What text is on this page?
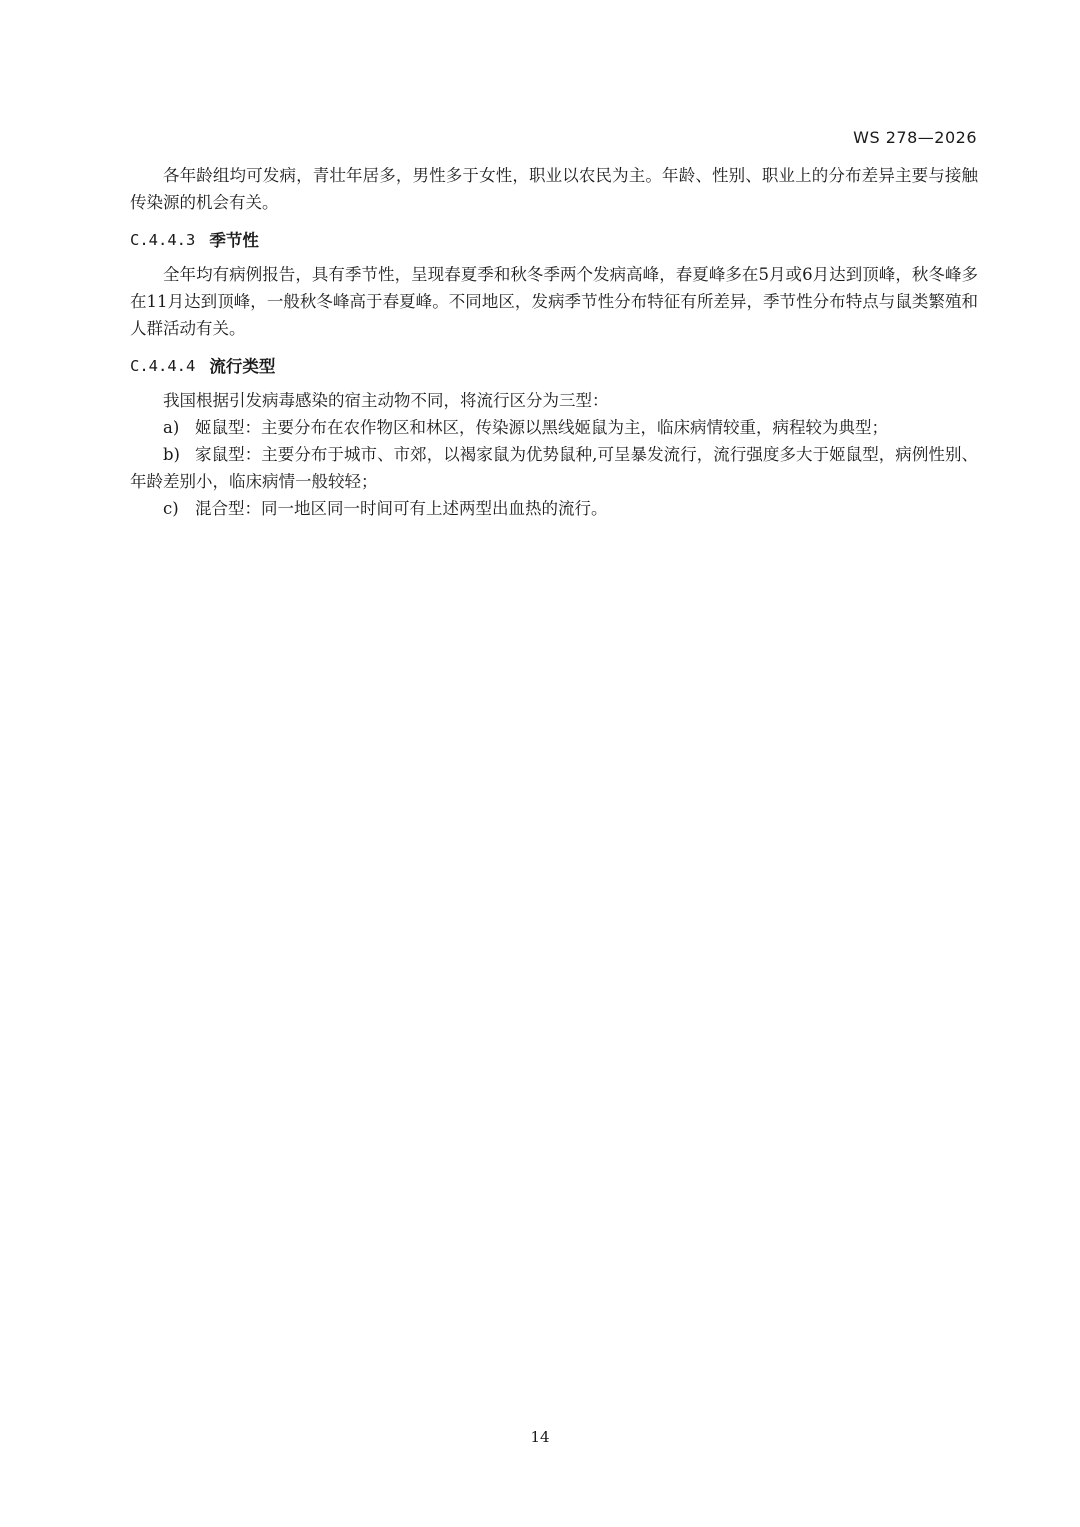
WS 278—2026

各年龄组均可发病，青壮年居多，男性多于女性，职业以农民为主。年龄、性别、职业上的分布差异主要与接触传染源的机会有关。

C.4.4.3 季节性

全年均有病例报告，具有季节性，呈现春夏季和秋冬季两个发病高峰，春夏峰多在5月或6月达到顶峰，秋冬峰多在11月达到顶峰，一般秋冬峰高于春夏峰。不同地区，发病季节性分布特征有所差异，季节性分布特点与鼠类繁殖和人群活动有关。

C.4.4.4 流行类型

我国根据引发病毒感染的宿主动物不同，将流行区分为三型：

a) 姬鼠型：主要分布在农作物区和林区，传染源以黑线姬鼠为主，临床病情较重，病程较为典型；
b) 家鼠型：主要分布于城市、市郊，以褐家鼠为优势鼠种,可呈暴发流行，流行强度多大于姬鼠型，病例性别、年龄差别小，临床病情一般较轻；
c) 混合型：同一地区同一时间可有上述两型出血热的流行。
14
